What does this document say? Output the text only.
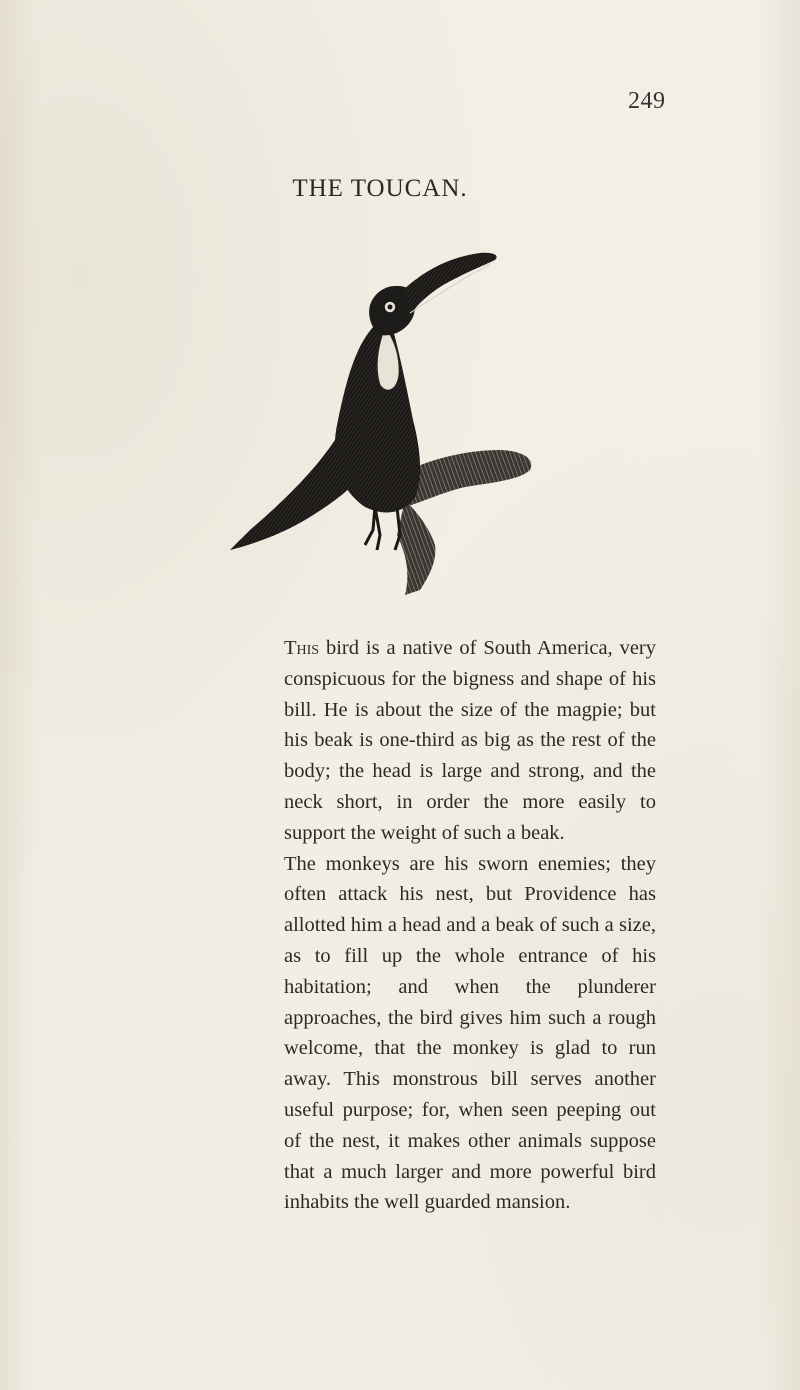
249
THE TOUCAN.

This bird is a native of South America, very conspicuous for the bigness and shape of his bill. He is about the size of the magpie; but his beak is one-third as big as the rest of the body; the head is large and strong, and the neck short, in order the more easily to support the weight of such a beak.

The monkeys are his sworn enemies; they often attack his nest, but Providence has allotted him a head and a beak of such a size, as to fill up the whole entrance of his habitation; and when the plunderer approaches, the bird gives him such a rough welcome, that the monkey is glad to run away. This monstrous bill serves another useful purpose; for, when seen peeping out of the nest, it makes other animals suppose that a much larger and more powerful bird inhabits the well guarded mansion.
